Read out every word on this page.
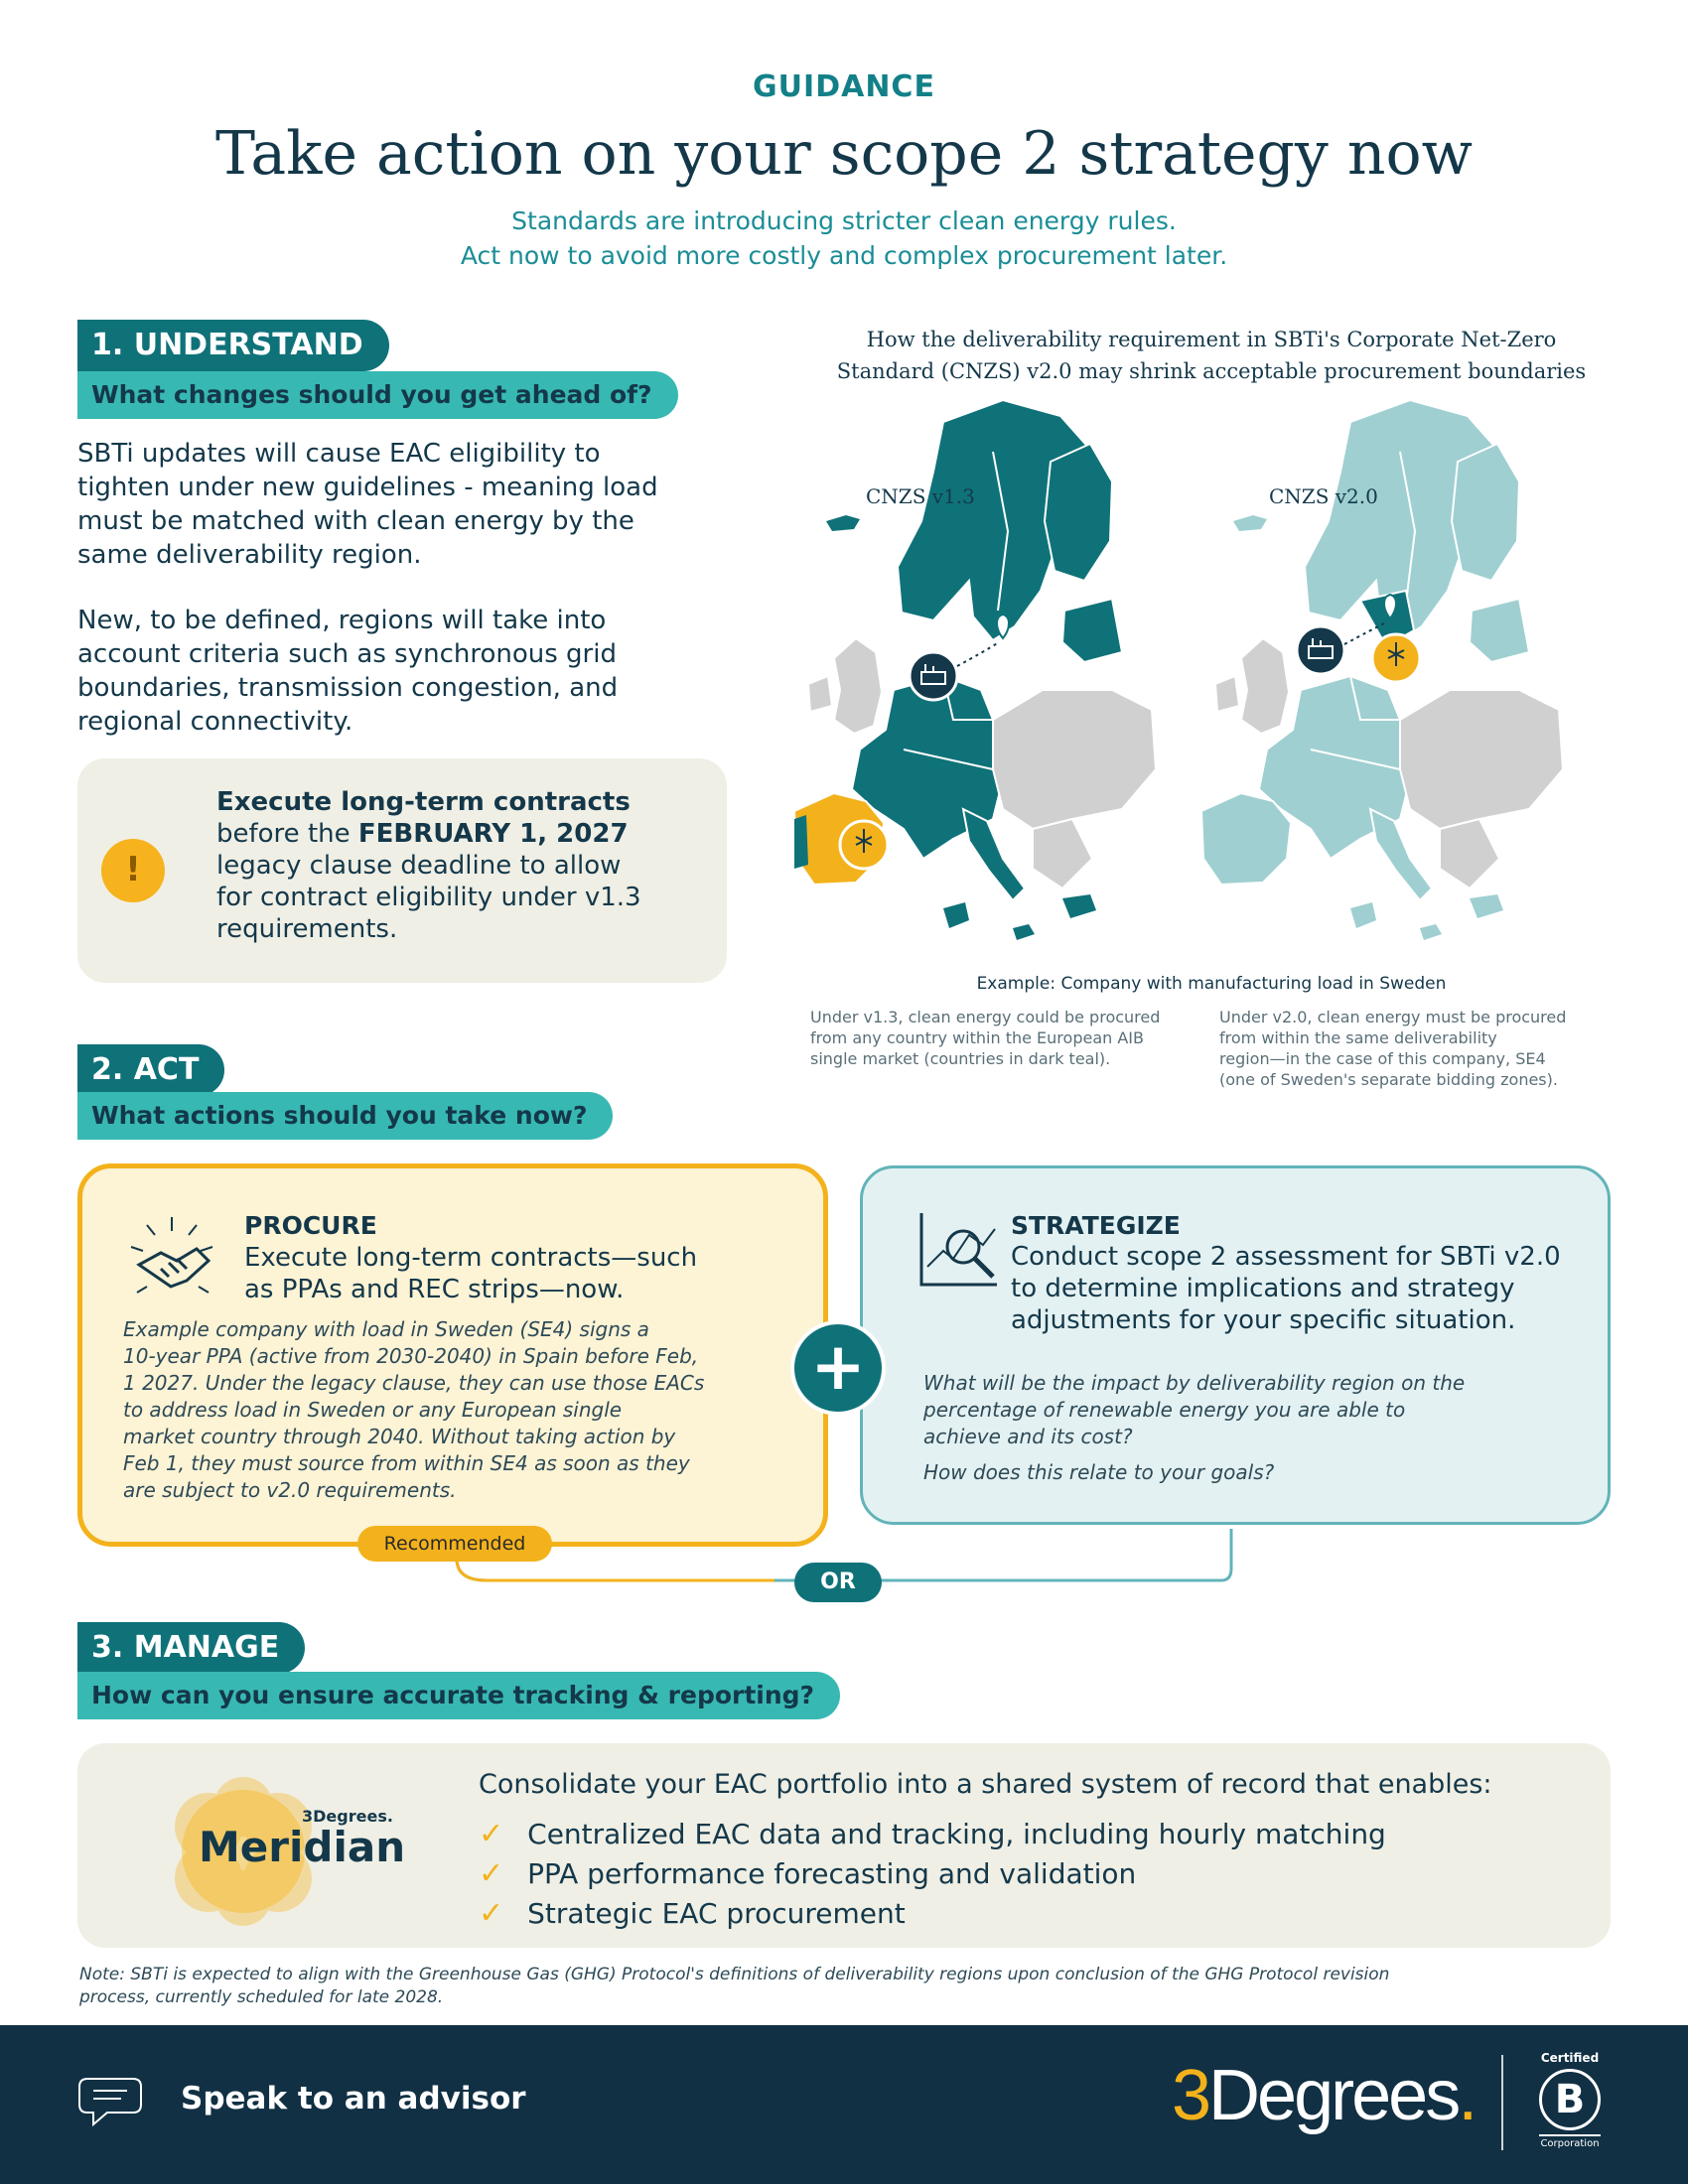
GUIDANCE
Take action on your scope 2 strategy now
Standards are introducing stricter clean energy rules.
Act now to avoid more costly and complex procurement later.
1. UNDERSTAND
What changes should you get ahead of?
SBTi updates will cause EAC eligibility to
tighten under new guidelines - meaning load
must be matched with clean energy by the
same deliverability region.
New, to be defined, regions will take into
account criteria such as synchronous grid
boundaries, transmission congestion, and
regional connectivity.
!
Execute long-term contracts
before the FEBRUARY 1, 2027
legacy clause deadline to allow
for contract eligibility under v1.3
requirements.
How the deliverability requirement in SBTi's Corporate Net-Zero
Standard (CNZS) v2.0 may shrink acceptable procurement boundaries
CNZS v1.3	CNZS v2.0
Example: Company with manufacturing load in Sweden
Under v1.3, clean energy could be procured
from any country within the European AIB
single market (countries in dark teal).
Under v2.0, clean energy must be procured
from within the same deliverability
region—in the case of this company, SE4
(one of Sweden's separate bidding zones).
2. ACT
What actions should you take now?
PROCURE
Execute long-term contracts—such
as PPAs and REC strips—now.
Example company with load in Sweden (SE4) signs a
10-year PPA (active from 2030-2040) in Spain before Feb,
1 2027. Under the legacy clause, they can use those EACs
to address load in Sweden or any European single
market country through 2040. Without taking action by
Feb 1, they must source from within SE4 as soon as they
are subject to v2.0 requirements.
STRATEGIZE
Conduct scope 2 assessment for SBTi v2.0
to determine implications and strategy
adjustments for your specific situation.
What will be the impact by deliverability region on the
percentage of renewable energy you are able to
achieve and its cost?
How does this relate to your goals?
+
Recommended
OR
3. MANAGE
How can you ensure accurate tracking & reporting?
3Degrees.
Meridian
Consolidate your EAC portfolio into a shared system of record that enables:
✓ Centralized EAC data and tracking, including hourly matching
✓ PPA performance forecasting and validation
✓ Strategic EAC procurement
Note: SBTi is expected to align with the Greenhouse Gas (GHG) Protocol's definitions of deliverability regions upon conclusion of the GHG Protocol revision
process, currently scheduled for late 2028.
Speak to an advisor	3Degrees.	Certified
B
Corporation
